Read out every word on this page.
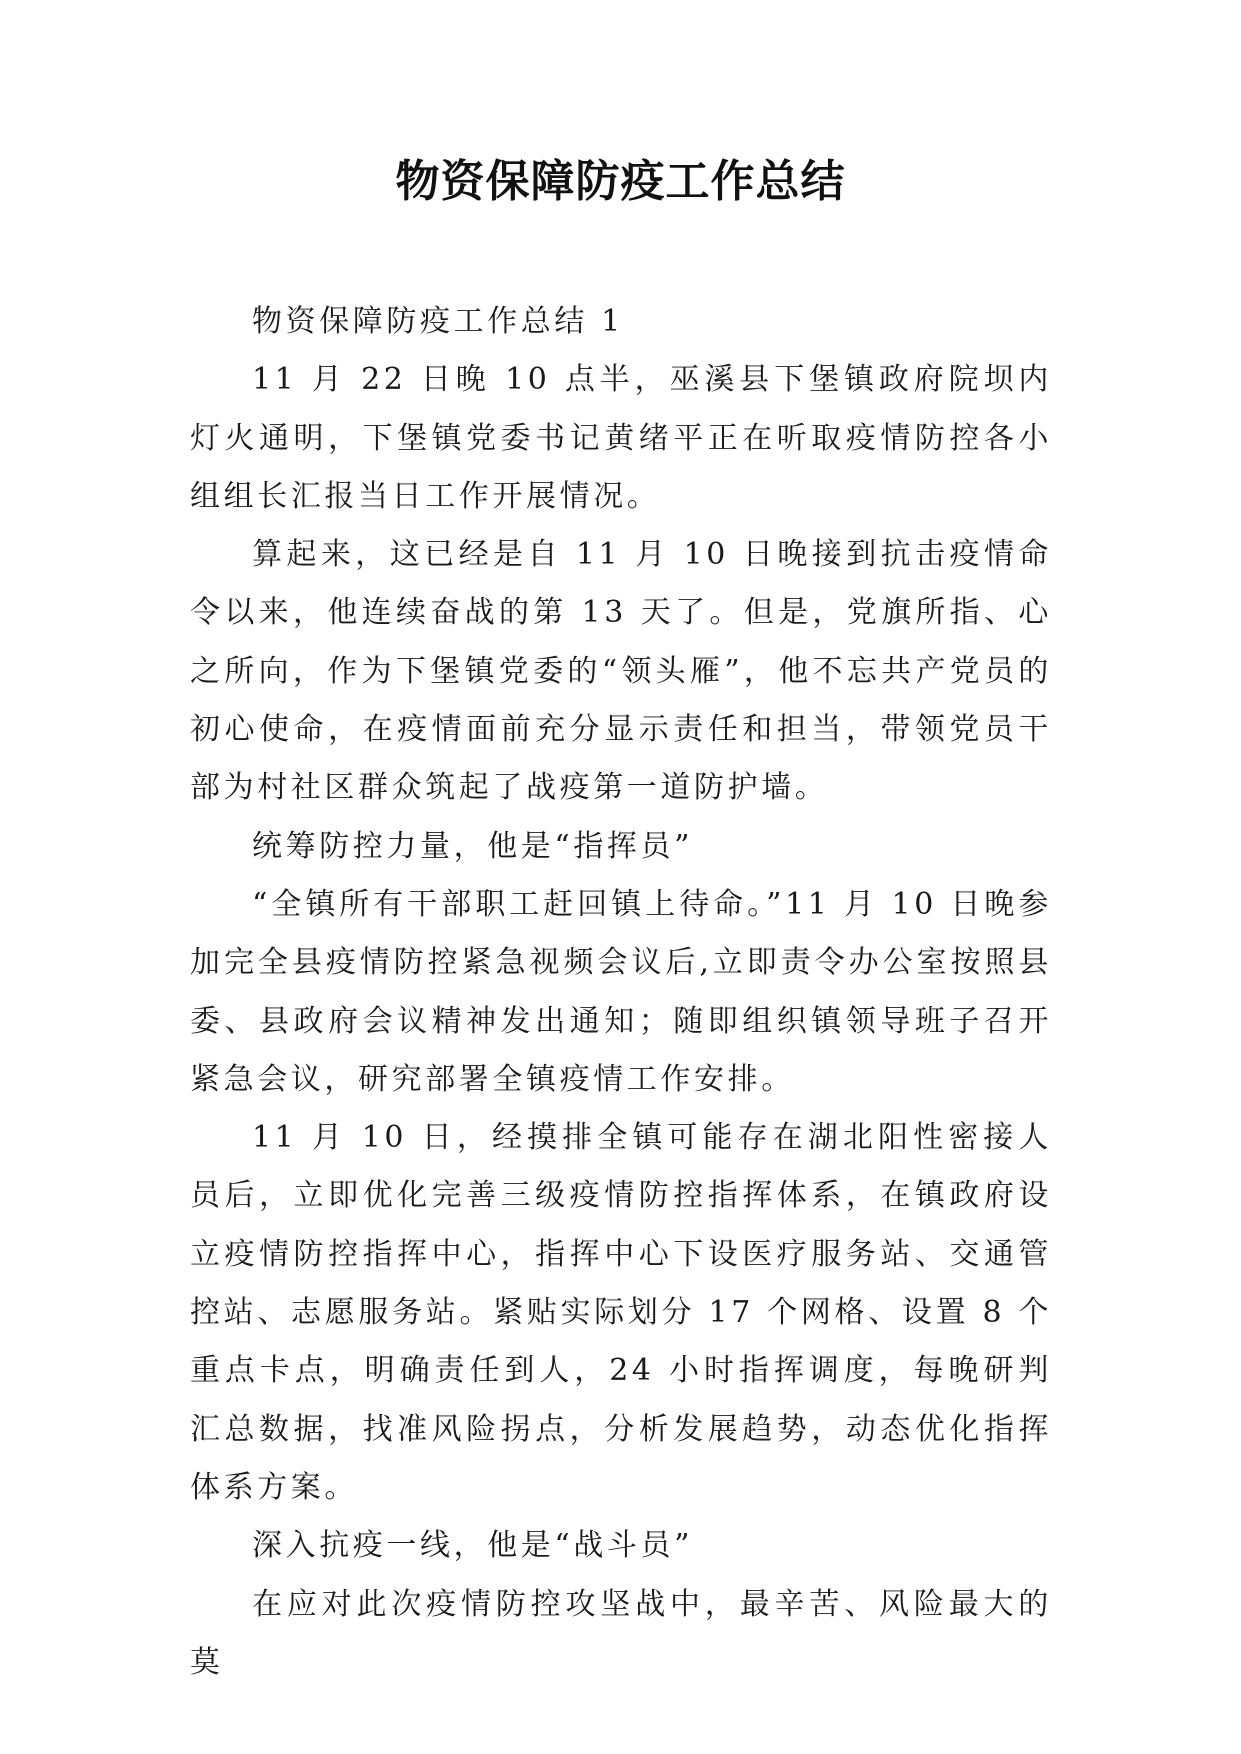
物资保障防疫工作总结

物资保障防疫工作总结 1

11 月 22 日晚 10 点半，巫溪县下堡镇政府院坝内灯火通明，下堡镇党委书记黄绪平正在听取疫情防控各小组组长汇报当日工作开展情况。

算起来，这已经是自 11 月 10 日晚接到抗击疫情命令以来，他连续奋战的第 13 天了。但是，党旗所指、心之所向，作为下堡镇党委的“领头雁”，他不忘共产党员的初心使命，在疫情面前充分显示责任和担当，带领党员干部为村社区群众筑起了战疫第一道防护墙。

统筹防控力量，他是“指挥员”

“全镇所有干部职工赶回镇上待命。”11 月 10 日晚参加完全县疫情防控紧急视频会议后,立即责令办公室按照县委、县政府会议精神发出通知；随即组织镇领导班子召开紧急会议，研究部署全镇疫情工作安排。

11 月 10 日，经摸排全镇可能存在湖北阳性密接人员后，立即优化完善三级疫情防控指挥体系，在镇政府设立疫情防控指挥中心，指挥中心下设医疗服务站、交通管控站、志愿服务站。紧贴实际划分 17 个网格、设置 8 个重点卡点，明确责任到人，24 小时指挥调度，每晚研判汇总数据，找准风险拐点，分析发展趋势，动态优化指挥体系方案。

深入抗疫一线，他是“战斗员”

在应对此次疫情防控攻坚战中，最辛苦、风险最大的莫
